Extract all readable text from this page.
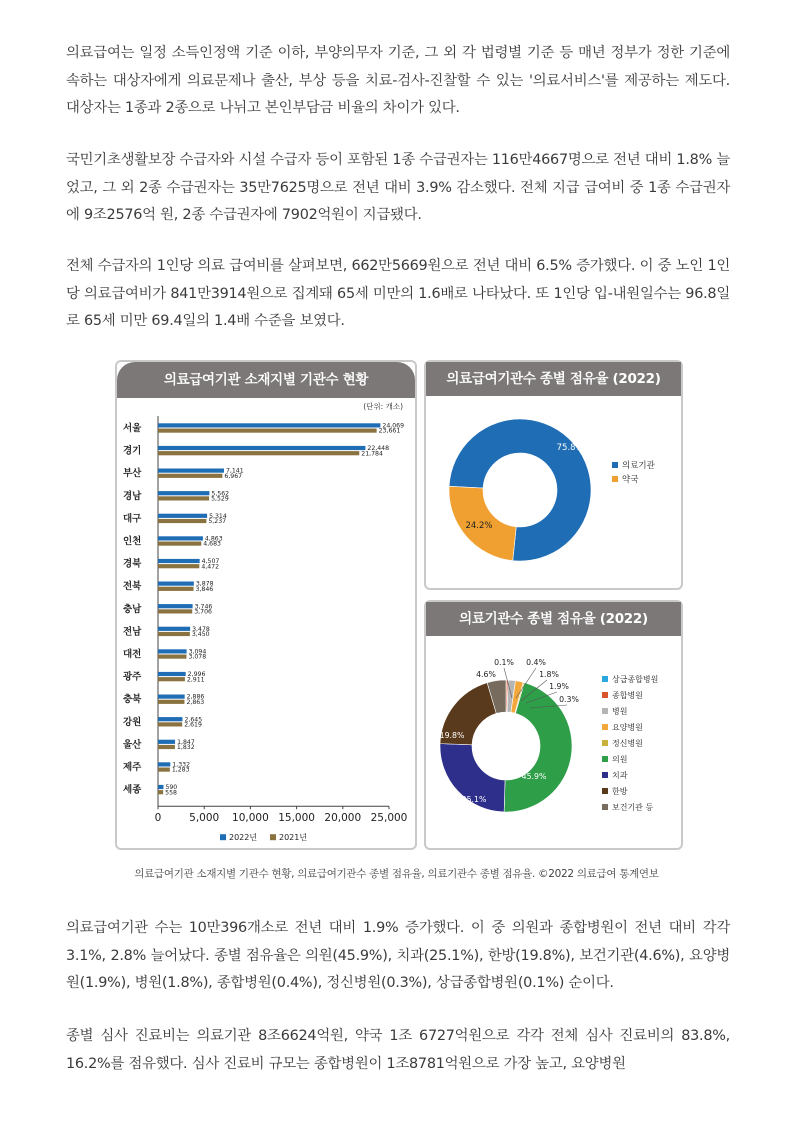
의료급여는 일정 소득인정액 기준 이하, 부양의무자 기준, 그 외 각 법령별 기준 등 매년 정부가 정한 기준에 속하는 대상자에게 의료문제나 출산, 부상 등을 치료-검사-진찰할 수 있는 '의료서비스'를 제공하는 제도다. 대상자는 1종과 2종으로 나뉘고 본인부담금 비율의 차이가 있다.

국민기초생활보장 수급자와 시설 수급자 등이 포함된 1종 수급권자는 116만4667명으로 전년 대비 1.8% 늘었고, 그 외 2종 수급권자는 35만7625명으로 전년 대비 3.9% 감소했다. 전체 지급 급여비 중 1종 수급권자에 9조2576억 원, 2종 수급권자에 7902억원이 지급됐다.

전체 수급자의 1인당 의료 급여비를 살펴보면, 662만5669원으로 전년 대비 6.5% 증가했다. 이 중 노인 1인당 의료급여비가 841만3914원으로 집계돼 65세 미만의 1.6배로 나타났다. 또 1인당 입-내원일수는 96.8일로 65세 미만 69.4일의 1.4배 수준을 보였다.

의료급여기관 소재지별 기관수 현황
(단위: 개소)
서울	24,069
23,661
경기	22,448
21,784
부산	7,141
6,967
경남	5,562
5,529
대구	5,314
5,237
인천	4,863
4,683
경북	4,507
4,472
전북	3,878
3,846
충남	3,746
3,706
전남	3,478
3,450
대전	3,094
3,078
광주	2,996
2,911
충북	2,886
2,863
강원	2,645
2,619
울산	1,847
1,832
제주	1,332
1,283
세종	590
558
0	5,000 10,000 15,000 20,000 25,000
2022년	2021년
의료급여기관수 종별 점유율 (2022)
75.8%
24.2%
의료기관
약국
의료기관수 종별 점유율 (2022)
0.1% 0.4%
1.8%
1.9%
0.3%
45.9%
25.1%
19.8%
4.6%
상급종합병원
종합병원
병원
요양병원
정신병원
의원
치과
한방
보건기관 등
의료급여기관 소재지별 기관수 현황, 의료급여기관수 종별 점유율, 의료기관수 종별 점유율. ©2022 의료급여 통계연보

의료급여기관 수는 10만396개소로 전년 대비 1.9% 증가했다. 이 중 의원과 종합병원이 전년 대비 각각 3.1%, 2.8% 늘어났다. 종별 점유율은 의원(45.9%), 치과(25.1%), 한방(19.8%), 보건기관(4.6%), 요양병원(1.9%), 병원(1.8%), 종합병원(0.4%), 정신병원(0.3%), 상급종합병원(0.1%) 순이다.

종별 심사 진료비는 의료기관 8조6624억원, 약국 1조 6727억원으로 각각 전체 심사 진료비의 83.8%, 16.2%를 점유했다. 심사 진료비 규모는 종합병원이 1조8781억원으로 가장 높고, 요양병원
